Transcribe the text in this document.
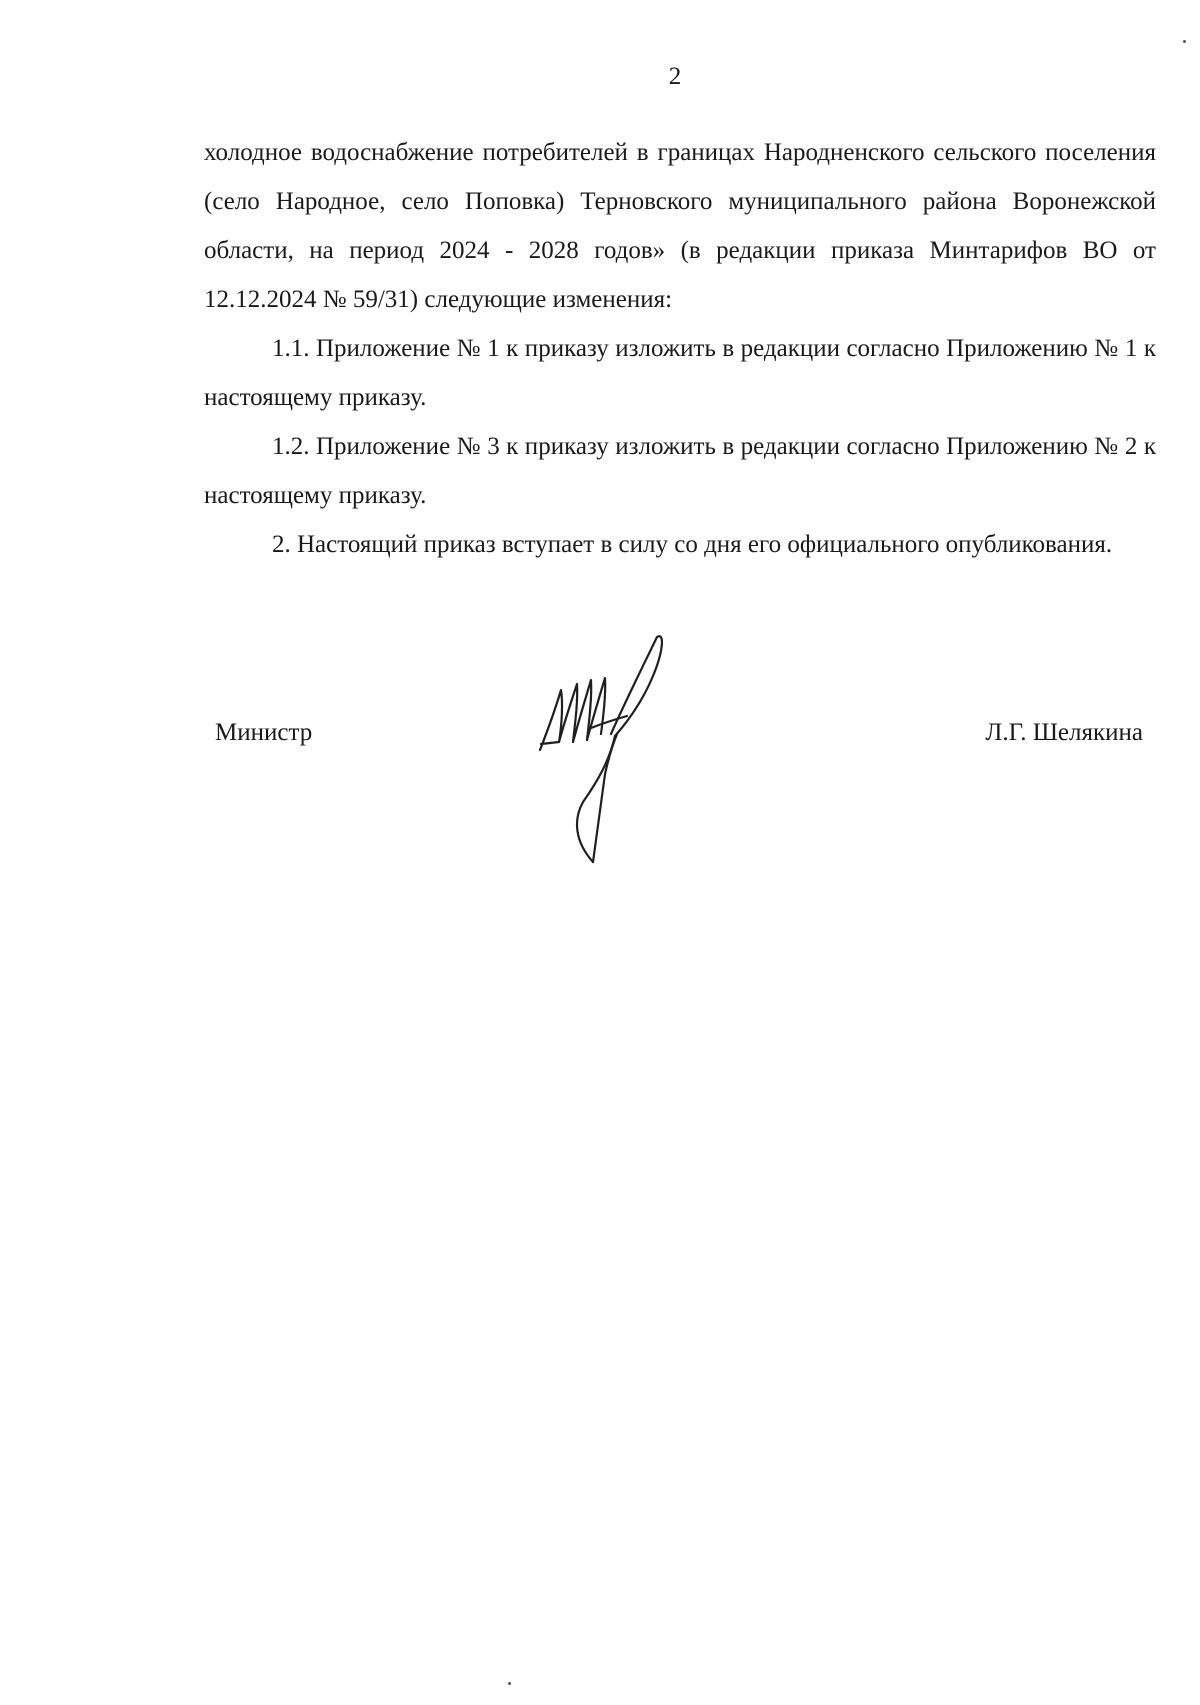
2

холодное водоснабжение потребителей в границах Народненского сельского поселения (село Народное, село Поповка) Терновского муниципального района Воронежской области, на период 2024 - 2028 годов» (в редакции приказа Минтарифов ВО от 12.12.2024 № 59/31) следующие изменения:

1.1. Приложение № 1 к приказу изложить в редакции согласно Приложению № 1 к настоящему приказу.

1.2. Приложение № 3 к приказу изложить в редакции согласно Приложению № 2 к настоящему приказу.

2. Настоящий приказ вступает в силу со дня его официального опубликования.

Министр	Л.Г. Шелякина
